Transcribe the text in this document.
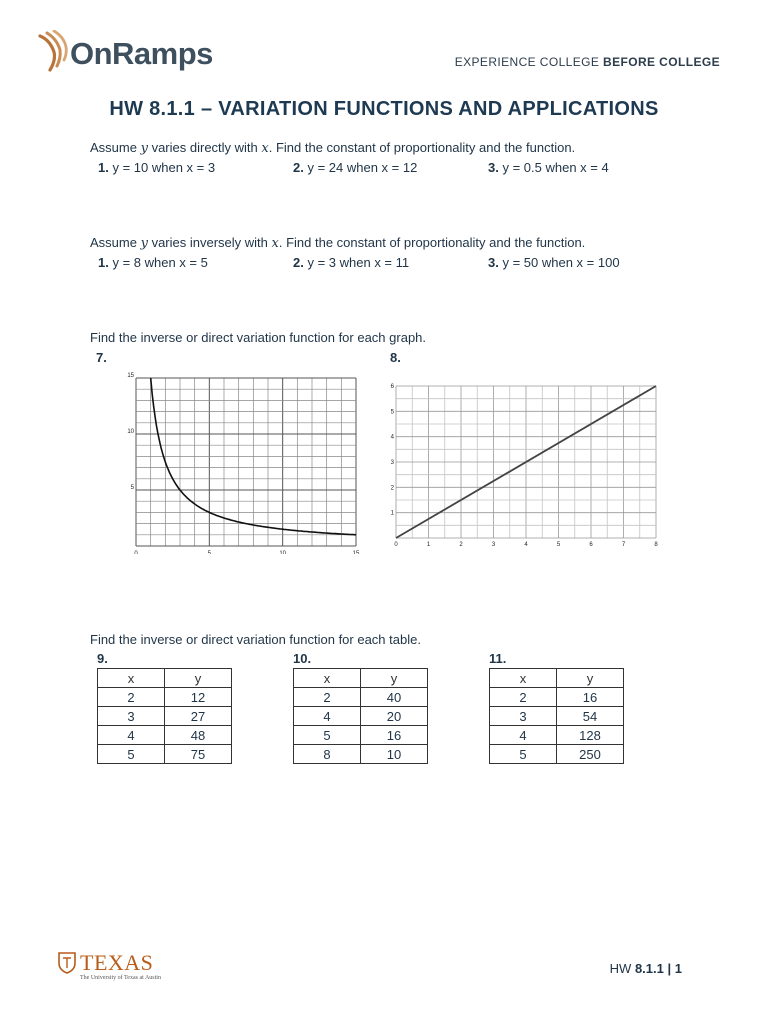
OnRamps	EXPERIENCE COLLEGE BEFORE COLLEGE
HW 8.1.1 – VARIATION FUNCTIONS AND APPLICATIONS
Assume y varies directly with x. Find the constant of proportionality and the function.
1. y = 10 when x = 3	2. y = 24 when x = 12	3. y = 0.5 when x = 4
Assume y varies inversely with x. Find the constant of proportionality and the function.
1. y = 8 when x = 5	2. y = 3 when x = 11	3. y = 50 when x = 100
Find the inverse or direct variation function for each graph.
7.	8.
0	5	10	15
5
10
15
0	1	2	3	4	5	6	7	8
1
2
3
4
5
6
Find the inverse or direct variation function for each table.
9.	10.	11.
x	y
2	12
3	27
4	48
5	75
x	y
2	40
4	20
5	16
8	10
x	y
2	16
3	54
4	128
5	250
TEXAS
The University of Texas at Austin
HW 8.1.1 | 1
